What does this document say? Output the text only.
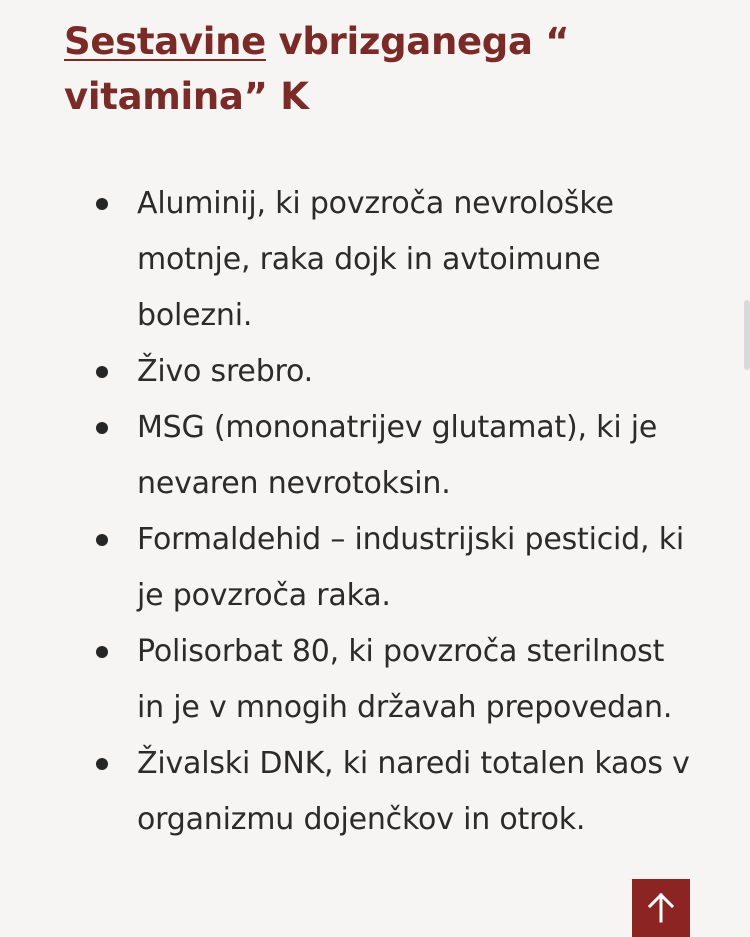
Sestavine vbrizganega “ vitamina” K
Aluminij, ki povzroča nevrološke motnje, raka dojk in avtoimune bolezni.
Živo srebro.
MSG (mononatrijev glutamat), ki je nevaren nevrotoksin.
Formaldehid – industrijski pesticid, ki je povzroča raka.
Polisorbat 80, ki povzroča sterilnost in je v mnogih državah prepovedan.
Živalski DNK, ki naredi totalen kaos v organizmu dojenčkov in otrok.
